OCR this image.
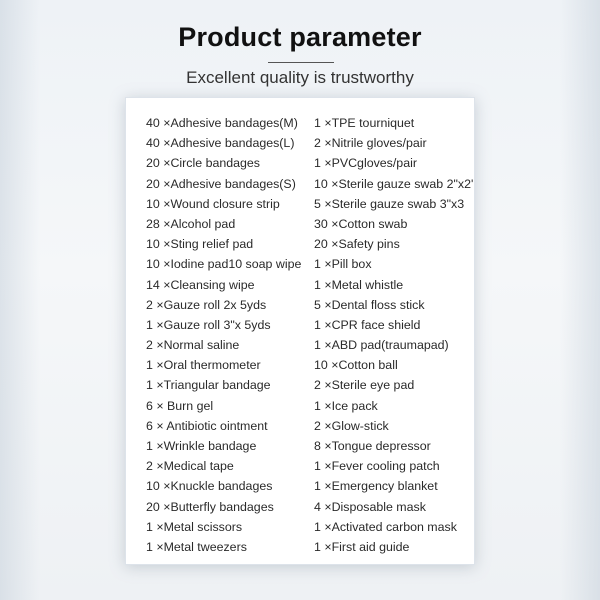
Product parameter
Excellent quality is trustworthy
40 ×Adhesive bandages(M)
40 ×Adhesive bandages(L)
20 ×Circle bandages
20 ×Adhesive bandages(S)
10 ×Wound closure strip
28 ×Alcohol pad
10 ×Sting relief pad
10 ×Iodine pad10 soap wipe
14 ×Cleansing wipe
2 ×Gauze roll 2x 5yds
1 ×Gauze roll 3"x 5yds
2 ×Normal saline
1 ×Oral thermometer
1 ×Triangular bandage
6 × Burn gel
6 × Antibiotic ointment
1 ×Wrinkle bandage
2 ×Medical tape
10 ×Knuckle bandages
20 ×Butterfly bandages
1 ×Metal scissors
1 ×Metal tweezers
1 ×TPE tourniquet
2 ×Nitrile gloves/pair
1 ×PVCgloves/pair
10 ×Sterile gauze swab 2"x2'
5 ×Sterile gauze swab 3"x3
30 ×Cotton swab
20 ×Safety pins
1 ×Pill box
1 ×Metal whistle
5 ×Dental floss stick
1 ×CPR face shield
1 ×ABD pad(traumapad)
10 ×Cotton ball
2 ×Sterile eye pad
1 ×Ice pack
2 ×Glow-stick
8 ×Tongue depressor
1 ×Fever cooling patch
1 ×Emergency blanket
4 ×Disposable mask
1 ×Activated carbon mask
1 ×First aid guide
